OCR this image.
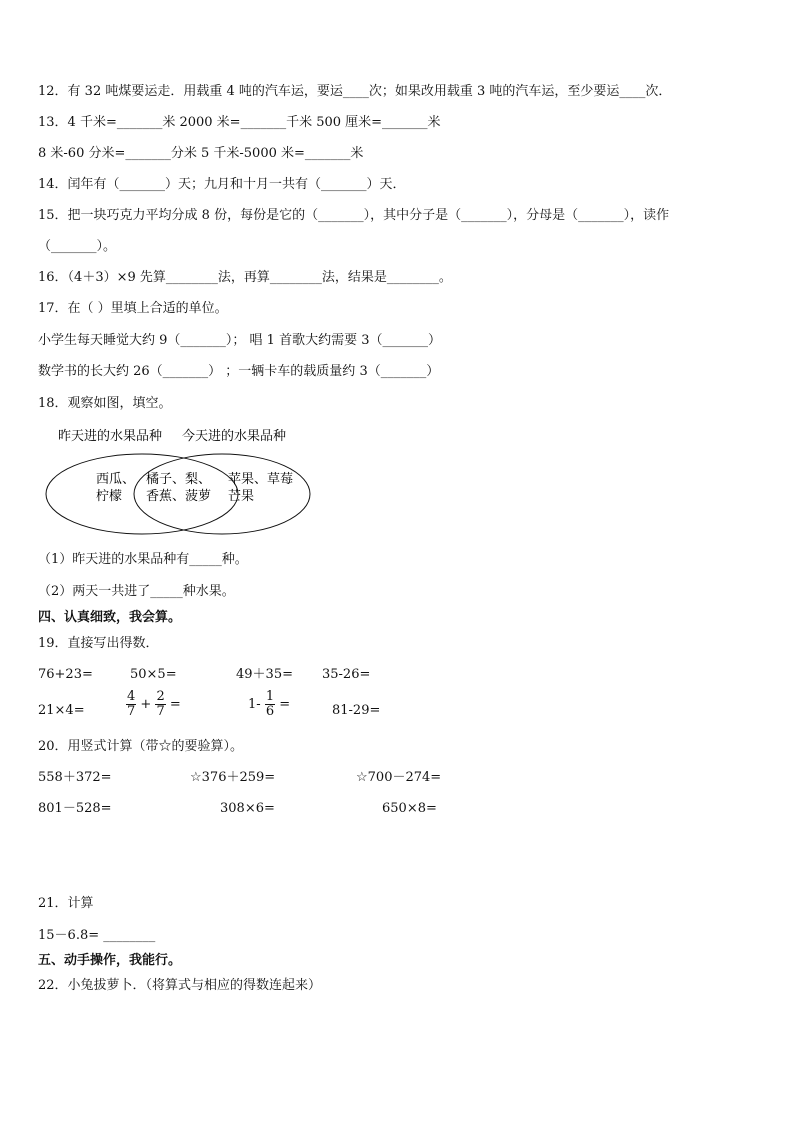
12．有 32 吨煤要运走．用载重 4 吨的汽车运，要运____次；如果改用载重 3 吨的汽车运，至少要运____次．
13．4 千米=_______米 2000 米=_______千米 500 厘米=_______米
8 米-60 分米=_______分米 5 千米-5000 米=_______米
14．闰年有（_______）天；九月和十月一共有（_______）天．
15．把一块巧克力平均分成 8 份，每份是它的（_______），其中分子是（_______），分母是（_______），读作
（_______）。
16．（4＋3）×9 先算________法，再算________法，结果是________。
17．在（ ）里填上合适的单位。
小学生每天睡觉大约 9（_______）； 唱 1 首歌大约需要 3（_______）
数学书的长大约 26（_______） ；一辆卡车的载质量约 3（_______）
18．观察如图，填空。
昨天进的水果品种 今天进的水果品种
西瓜、
柠檬
橘子、梨、
香蕉、菠萝
苹果、草莓
芒果
（1）昨天进的水果品种有_____种。
（2）两天一共进了_____种水果。
四、认真细致，我会算。
19．直接写出得数．
76+23=	50×5=	49＋35= 35-26=
21×4=	$\frac{4}{7} + \frac{2}{7}$ =	$1- \frac{1}{6}$ =	81-29=
20．用竖式计算（带☆的要验算）。
558＋372=	☆376＋259=	☆700－274=
801－528=	308×6=	650×8=
21．计算
15－6.8= ________
五、动手操作，我能行。
22．小兔拔萝卜．（将算式与相应的得数连起来）
